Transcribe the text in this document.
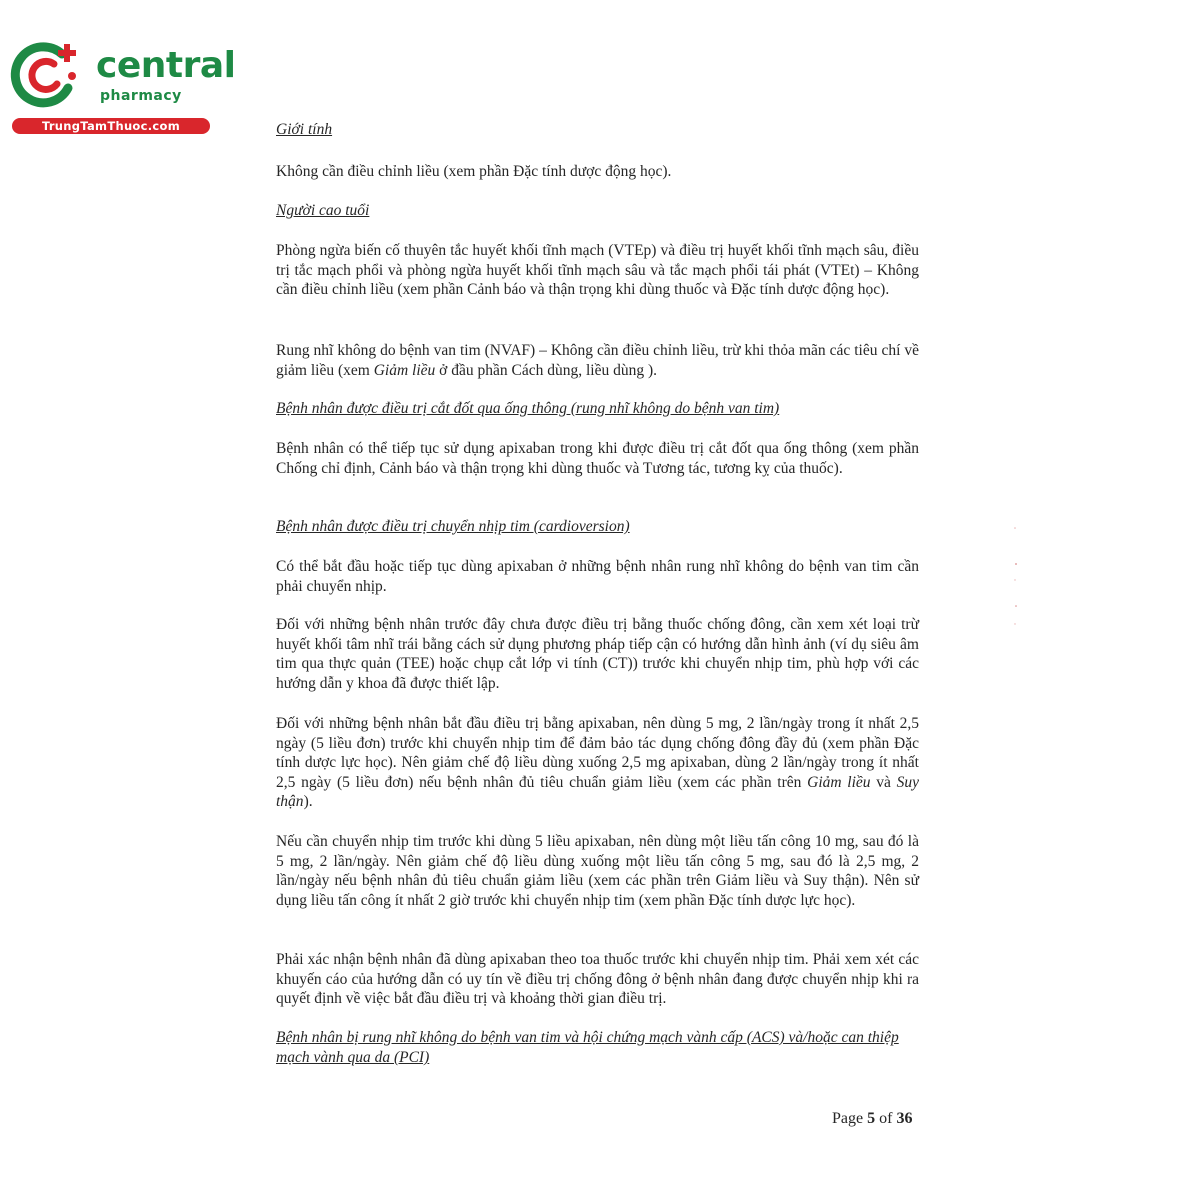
central
pharmacy
TrungTamThuoc.com	Giới tính

Không cần điều chỉnh liều (xem phần Đặc tính dược động học).

Người cao tuổi

Phòng ngừa biến cố thuyên tắc huyết khối tĩnh mạch (VTEp) và điều trị huyết khối tĩnh mạch sâu, điều trị tắc mạch phổi và phòng ngừa huyết khối tĩnh mạch sâu và tắc mạch phổi tái phát (VTEt) – Không cần điều chỉnh liều (xem phần Cảnh báo và thận trọng khi dùng thuốc và Đặc tính dược động học).

Rung nhĩ không do bệnh van tim (NVAF) – Không cần điều chỉnh liều, trừ khi thỏa mãn các tiêu chí về giảm liều (xem Giảm liều ở đầu phần Cách dùng, liều dùng ).

Bệnh nhân được điều trị cắt đốt qua ống thông (rung nhĩ không do bệnh van tim)

Bệnh nhân có thể tiếp tục sử dụng apixaban trong khi được điều trị cắt đốt qua ống thông (xem phần Chống chỉ định, Cảnh báo và thận trọng khi dùng thuốc và Tương tác, tương kỵ của thuốc).

Bệnh nhân được điều trị chuyển nhịp tim (cardioversion)

Có thể bắt đầu hoặc tiếp tục dùng apixaban ở những bệnh nhân rung nhĩ không do bệnh van tim cần phải chuyển nhịp.

Đối với những bệnh nhân trước đây chưa được điều trị bằng thuốc chống đông, cần xem xét loại trừ huyết khối tâm nhĩ trái bằng cách sử dụng phương pháp tiếp cận có hướng dẫn hình ảnh (ví dụ siêu âm tim qua thực quản (TEE) hoặc chụp cắt lớp vi tính (CT)) trước khi chuyển nhịp tim, phù hợp với các hướng dẫn y khoa đã được thiết lập.

Đối với những bệnh nhân bắt đầu điều trị bằng apixaban, nên dùng 5 mg, 2 lần/ngày trong ít nhất 2,5 ngày (5 liều đơn) trước khi chuyển nhịp tim để đảm bảo tác dụng chống đông đầy đủ (xem phần Đặc tính dược lực học). Nên giảm chế độ liều dùng xuống 2,5 mg apixaban, dùng 2 lần/ngày trong ít nhất 2,5 ngày (5 liều đơn) nếu bệnh nhân đủ tiêu chuẩn giảm liều (xem các phần trên Giảm liều và Suy thận).

Nếu cần chuyển nhịp tim trước khi dùng 5 liều apixaban, nên dùng một liều tấn công 10 mg, sau đó là 5 mg, 2 lần/ngày. Nên giảm chế độ liều dùng xuống một liều tấn công 5 mg, sau đó là 2,5 mg, 2 lần/ngày nếu bệnh nhân đủ tiêu chuẩn giảm liều (xem các phần trên Giảm liều và Suy thận). Nên sử dụng liều tấn công ít nhất 2 giờ trước khi chuyển nhịp tim (xem phần Đặc tính dược lực học).

Phải xác nhận bệnh nhân đã dùng apixaban theo toa thuốc trước khi chuyển nhịp tim. Phải xem xét các khuyến cáo của hướng dẫn có uy tín về điều trị chống đông ở bệnh nhân đang được chuyển nhịp khi ra quyết định về việc bắt đầu điều trị và khoảng thời gian điều trị.

Bệnh nhân bị rung nhĩ không do bệnh van tim và hội chứng mạch vành cấp (ACS) và/hoặc can thiệp mạch vành qua da (PCI)

Page 5 of 36
